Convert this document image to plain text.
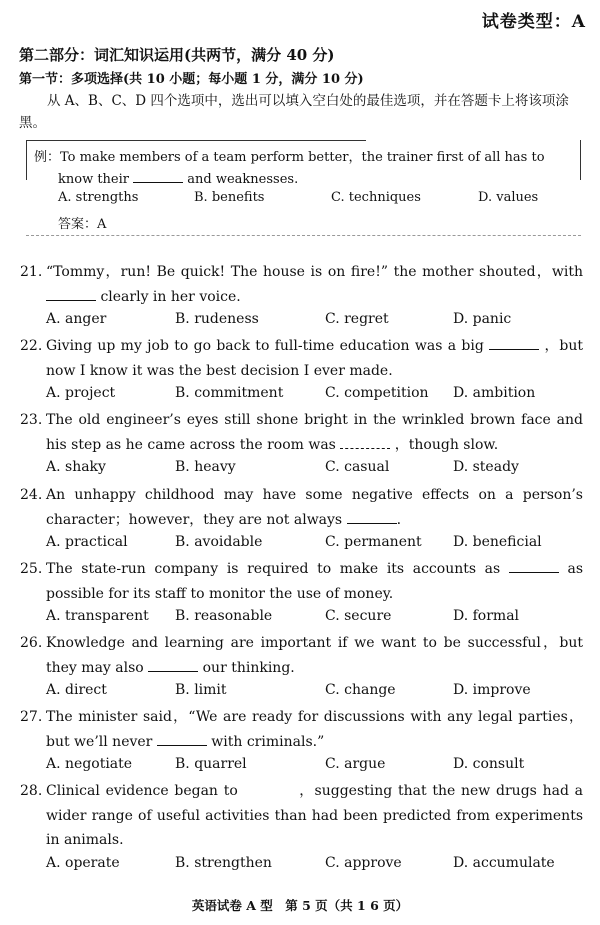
试卷类型：A
第二部分：词汇知识运用(共两节，满分 40 分)
第一节：多项选择(共 10 小题；每小题 1 分，满分 10 分)
从 A、B、C、D 四个选项中，选出可以填入空白处的最佳选项，并在答题卡上将该项涂黑。
例：To make members of a team perform better，the trainer first of all has to
know their	and weaknesses.
A. strengths	B. benefits	C. techniques	D. values
答案：A
21. “Tommy，run! Be quick! The house is on fire!” the mother shouted，with  clearly in her voice.
A. anger	B. rudeness	C. regret	D. panic
22. Giving up my job to go back to full-time education was a big	，but now I know it was the best decision I ever made.
A. project	B. commitment	C. competition D. ambition
23. The old engineer’s eyes still shone bright in the wrinkled brown face and his step as he came across the room was	，though slow.
A. shaky	B. heavy	C. casual	D. steady
24. An unhappy childhood may have some negative effects on a person’s character；however，they are not always	.
A. practical	B. avoidable	C. permanent D. beneficial
25. The state-run company is required to make its accounts as	as possible for its staff to monitor the use of money.
A. transparent B. reasonable	C. secure	D. formal
26. Knowledge and learning are important if we want to be successful，but they may also	our thinking.
A. direct	B. limit	C. change	D. improve
27. The minister said，“We are ready for discussions with any legal parties，but we’ll never	with criminals.”
A. negotiate	B. quarrel	C. argue	D. consult
28. Clinical evidence began to	，suggesting that the new drugs had a wider range of useful activities than had been predicted from experiments in animals.
A. operate	B. strengthen	C. approve	D. accumulate
英语试卷 A 型　第 5 页（共 1 6 页）
